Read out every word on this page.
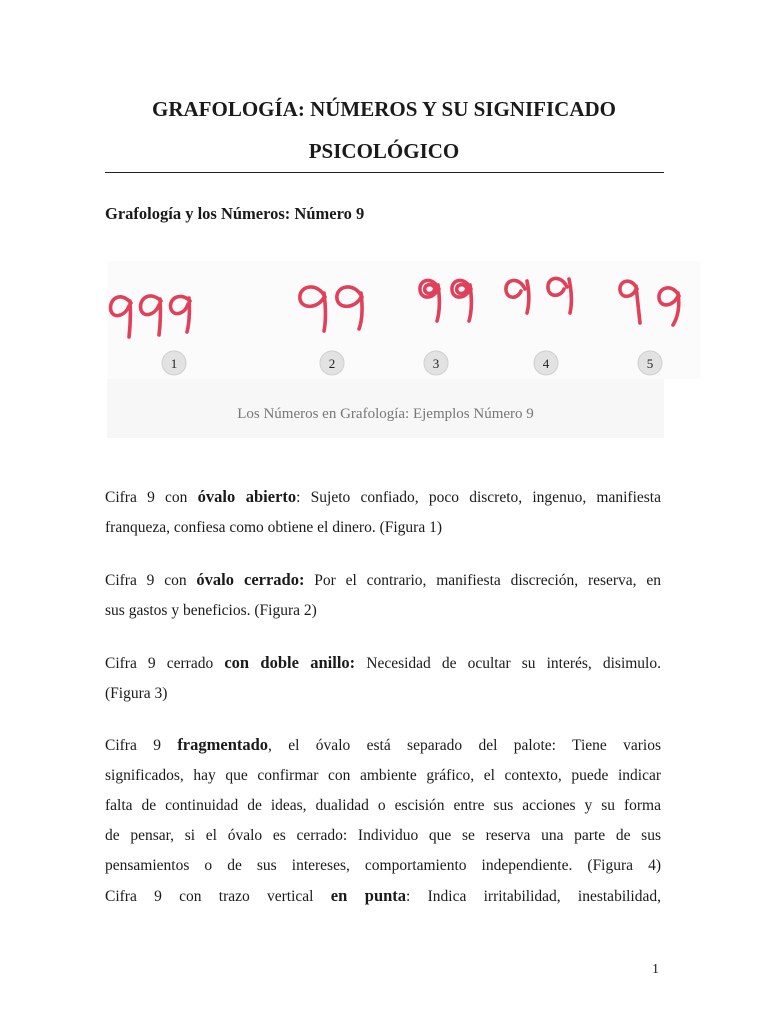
GRAFOLOGÍA: NÚMEROS Y SU SIGNIFICADO
PSICOLÓGICO
Grafología y los Números: Número 9
1	2	3	4	5
Los Números en Grafología: Ejemplos Número 9
Cifra 9 con óvalo abierto: Sujeto confiado, poco discreto, ingenuo, manifiesta
franqueza, confiesa como obtiene el dinero. (Figura 1)
Cifra 9 con óvalo cerrado: Por el contrario, manifiesta discreción, reserva, en
sus gastos y beneficios. (Figura 2)
Cifra 9 cerrado con doble anillo: Necesidad de ocultar su interés, disimulo.
(Figura 3)
Cifra 9 fragmentado, el óvalo está separado del palote: Tiene varios
significados, hay que confirmar con ambiente gráfico, el contexto, puede indicar
falta de continuidad de ideas, dualidad o escisión entre sus acciones y su forma
de pensar, si el óvalo es cerrado: Individuo que se reserva una parte de sus
pensamientos o de sus intereses, comportamiento independiente. (Figura 4)
Cifra 9 con trazo vertical en punta: Indica irritabilidad, inestabilidad,
1
